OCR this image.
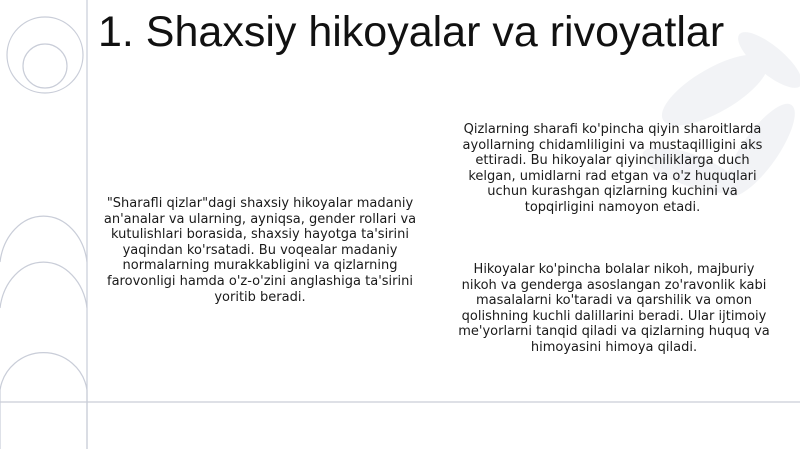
1. Shaxsiy hikoyalar va rivoyatlar

"Sharafli qizlar"dagi shaxsiy hikoyalar madaniy an'analar va ularning, ayniqsa, gender rollari va kutulishlari borasida, shaxsiy hayotga ta'sirini yaqindan ko'rsatadi. Bu voqealar madaniy normalarning murakkabligini va qizlarning farovonligi hamda o'z-o'zini anglashiga ta'sirini yoritib beradi.

Qizlarning sharafi ko'pincha qiyin sharoitlarda ayollarning chidamliligini va mustaqilligini aks ettiradi. Bu hikoyalar qiyinchiliklarga duch kelgan, umidlarni rad etgan va o'z huquqlari uchun kurashgan qizlarning kuchini va topqirligini namoyon etadi.

Hikoyalar ko'pincha bolalar nikoh, majburiy nikoh va genderga asoslangan zo'ravonlik kabi masalalarni ko'taradi va qarshilik va omon qolishning kuchli dalillarini beradi. Ular ijtimoiy me'yorlarni tanqid qiladi va qizlarning huquq va himoyasini himoya qiladi.
